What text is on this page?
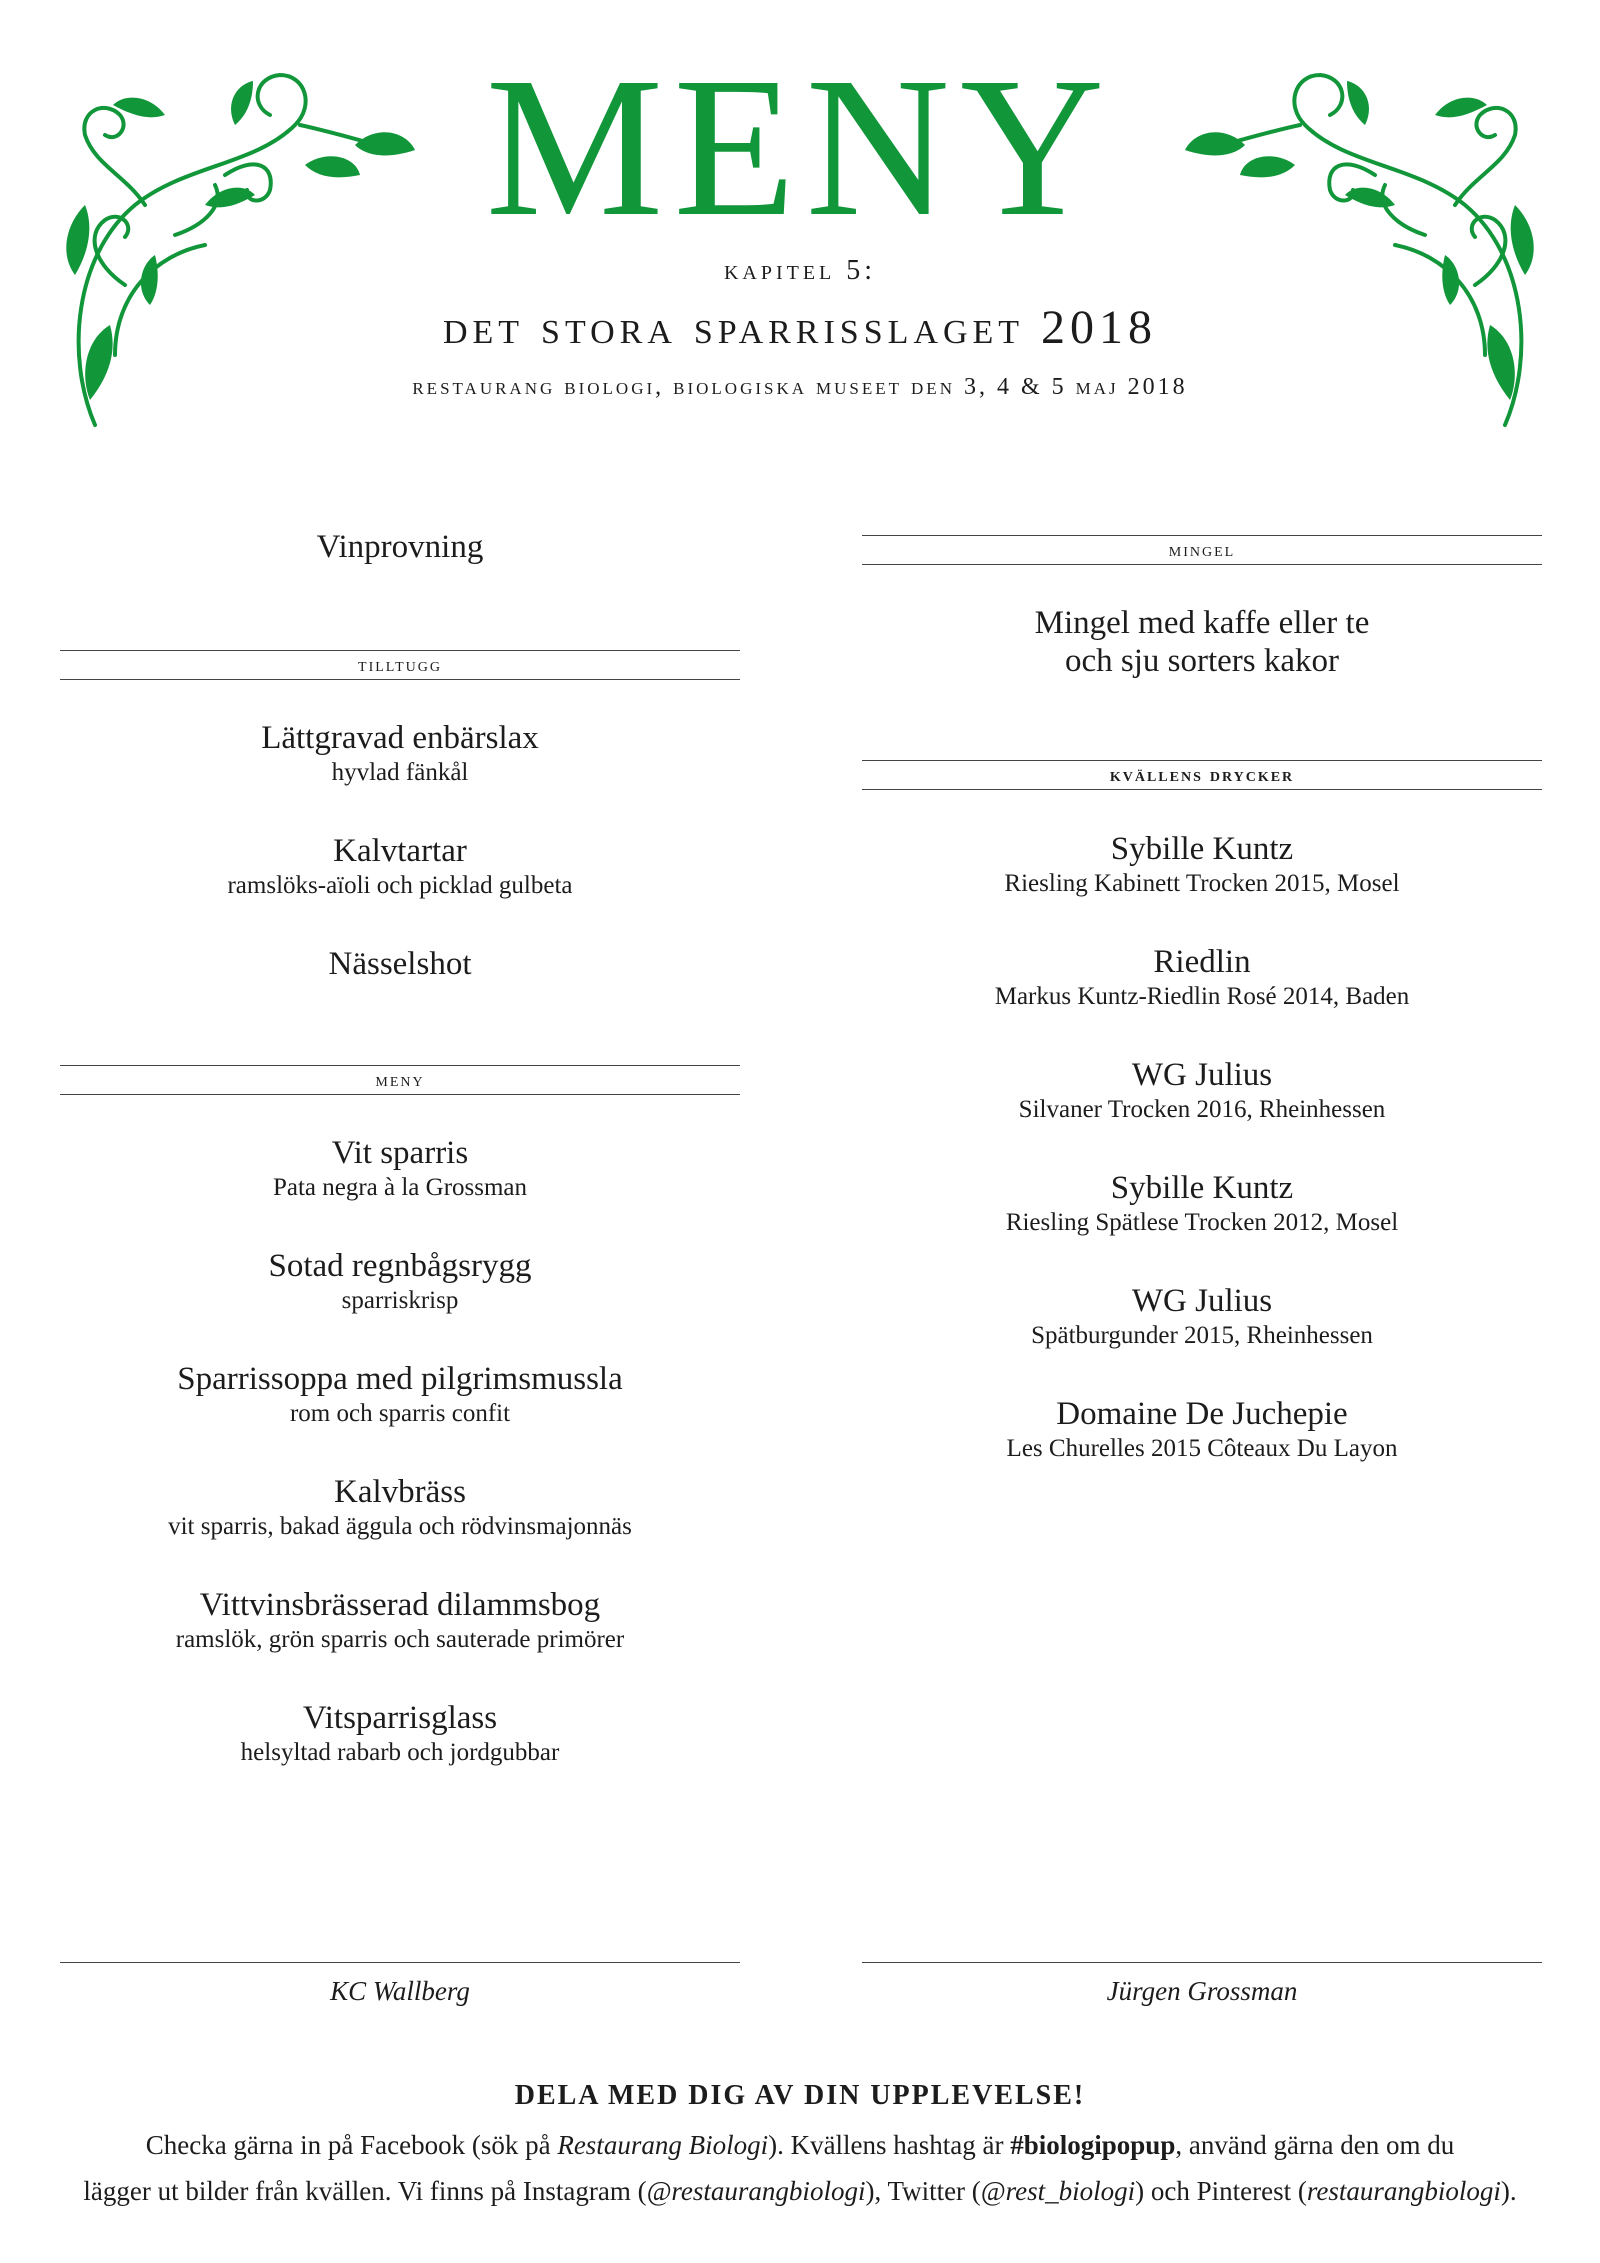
MENY
kapitel 5:
det stora sparrisslaget 2018
restaurang biologi, biologiska museet den 3, 4 & 5 maj 2018
Vinprovning
tilltugg
Lättgravad enbärslax
hyvlad fänkål
Kalvtartar
ramslöks-aïoli och picklad gulbeta
Nässelshot
meny
Vit sparris
Pata negra à la Grossman
Sotad regnbågsrygg
sparriskrisp
Sparrissoppa med pilgrimsmussla
rom och sparris confit
Kalvbräss
vit sparris, bakad äggula och rödvinsmajonnäs
Vittvinsbrässerad dilammsbog
ramslök, grön sparris och sauterade primörer
Vitsparrisglass
helsyltad rabarb och jordgubbar
KC Wallberg
mingel
Mingel med kaffe eller te
och sju sorters kakor
kvällens drycker
Sybille Kuntz
Riesling Kabinett Trocken 2015, Mosel
Riedlin
Markus Kuntz-Riedlin Rosé 2014, Baden
WG Julius
Silvaner Trocken 2016, Rheinhessen
Sybille Kuntz
Riesling Spätlese Trocken 2012, Mosel
WG Julius
Spätburgunder 2015, Rheinhessen
Domaine De Juchepie
Les Churelles 2015 Côteaux Du Layon
Jürgen Grossman
DELA MED DIG AV DIN UPPLEVELSE!
Checka gärna in på Facebook (sök på Restaurang Biologi). Kvällens hashtag är #biologipopup, använd gärna den om du
lägger ut bilder från kvällen. Vi finns på Instagram (@restaurangbiologi), Twitter (@rest_biologi) och Pinterest (restaurangbiologi).
